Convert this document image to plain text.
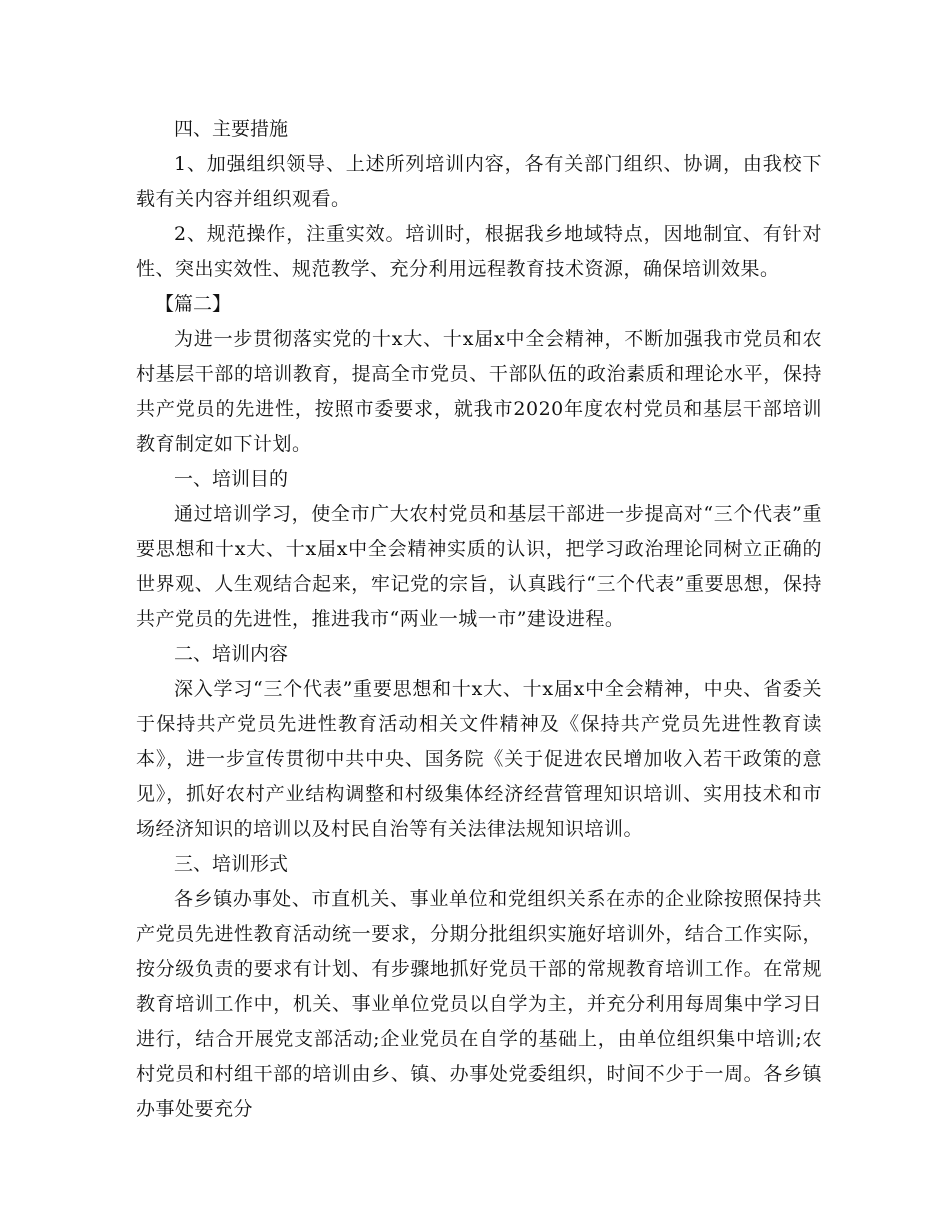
四、主要措施

1、加强组织领导、上述所列培训内容，各有关部门组织、协调，由我校下载有关内容并组织观看。

2、规范操作，注重实效。培训时，根据我乡地域特点，因地制宜、有针对性、突出实效性、规范教学、充分利用远程教育技术资源，确保培训效果。

【篇二】

为进一步贯彻落实党的十x大、十x届x中全会精神，不断加强我市党员和农村基层干部的培训教育，提高全市党员、干部队伍的政治素质和理论水平，保持共产党员的先进性，按照市委要求，就我市2020年度农村党员和基层干部培训教育制定如下计划。

一、培训目的

通过培训学习，使全市广大农村党员和基层干部进一步提高对“三个代表”重要思想和十x大、十x届x中全会精神实质的认识，把学习政治理论同树立正确的世界观、人生观结合起来，牢记党的宗旨，认真践行“三个代表”重要思想，保持共产党员的先进性，推进我市“两业一城一市”建设进程。

二、培训内容

深入学习“三个代表”重要思想和十x大、十x届x中全会精神，中央、省委关于保持共产党员先进性教育活动相关文件精神及《保持共产党员先进性教育读本》，进一步宣传贯彻中共中央、国务院《关于促进农民增加收入若干政策的意见》，抓好农村产业结构调整和村级集体经济经营管理知识培训、实用技术和市场经济知识的培训以及村民自治等有关法律法规知识培训。

三、培训形式

各乡镇办事处、市直机关、事业单位和党组织关系在赤的企业除按照保持共产党员先进性教育活动统一要求，分期分批组织实施好培训外，结合工作实际，按分级负责的要求有计划、有步骤地抓好党员干部的常规教育培训工作。在常规教育培训工作中，机关、事业单位党员以自学为主，并充分利用每周集中学习日进行，结合开展党支部活动;企业党员在自学的基础上，由单位组织集中培训;农村党员和村组干部的培训由乡、镇、办事处党委组织，时间不少于一周。各乡镇办事处要充分
